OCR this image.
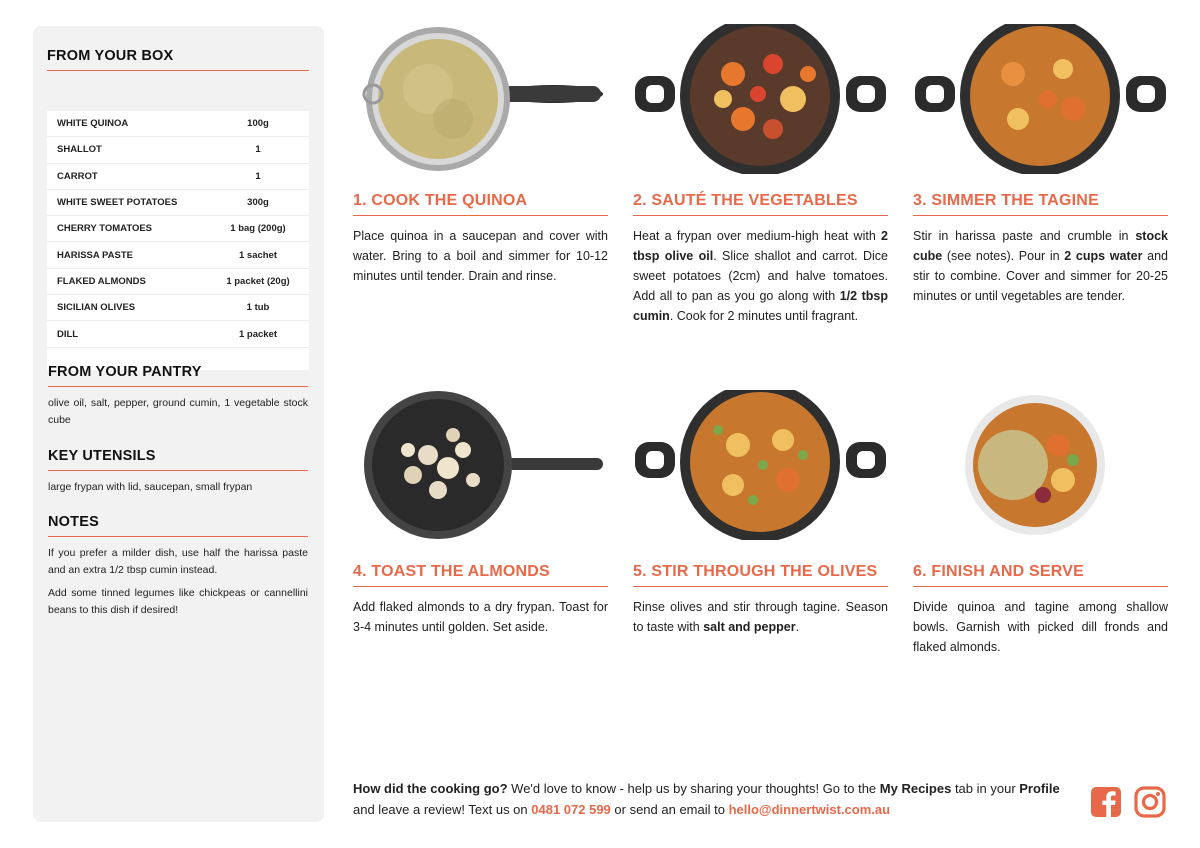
FROM YOUR BOX
WHITE QUINOA	100g
SHALLOT	1
CARROT	1
WHITE SWEET POTATOES	300g
CHERRY TOMATOES	1 bag (200g)
HARISSA PASTE	1 sachet
FLAKED ALMONDS	1 packet (20g)
SICILIAN OLIVES	1 tub
DILL	1 packet
FROM YOUR PANTRY
olive oil, salt, pepper, ground cumin, 1 vegetable stock cube
KEY UTENSILS
large frypan with lid, saucepan, small frypan
NOTES
If you prefer a milder dish, use half the harissa paste and an extra 1/2 tbsp cumin instead.
Add some tinned legumes like chickpeas or cannellini beans to this dish if desired!
1. COOK THE QUINOA
Place quinoa in a saucepan and cover with water. Bring to a boil and simmer for 10-12 minutes until tender. Drain and rinse.
2. SAUTÉ THE VEGETABLES
Heat a frypan over medium-high heat with 2 tbsp olive oil. Slice shallot and carrot. Dice sweet potatoes (2cm) and halve tomatoes. Add all to pan as you go along with 1/2 tbsp cumin. Cook for 2 minutes until fragrant.
3. SIMMER THE TAGINE
Stir in harissa paste and crumble in stock cube (see notes). Pour in 2 cups water and stir to combine. Cover and simmer for 20-25 minutes or until vegetables are tender.
4. TOAST THE ALMONDS
Add flaked almonds to a dry frypan. Toast for 3-4 minutes until golden. Set aside.
5. STIR THROUGH THE OLIVES
Rinse olives and stir through tagine. Season to taste with salt and pepper.
6. FINISH AND SERVE
Divide quinoa and tagine among shallow bowls. Garnish with picked dill fronds and flaked almonds.
How did the cooking go? We'd love to know - help us by sharing your thoughts! Go to the My Recipes tab in your Profile and leave a review! Text us on 0481 072 599 or send an email to hello@dinnertwist.com.au
